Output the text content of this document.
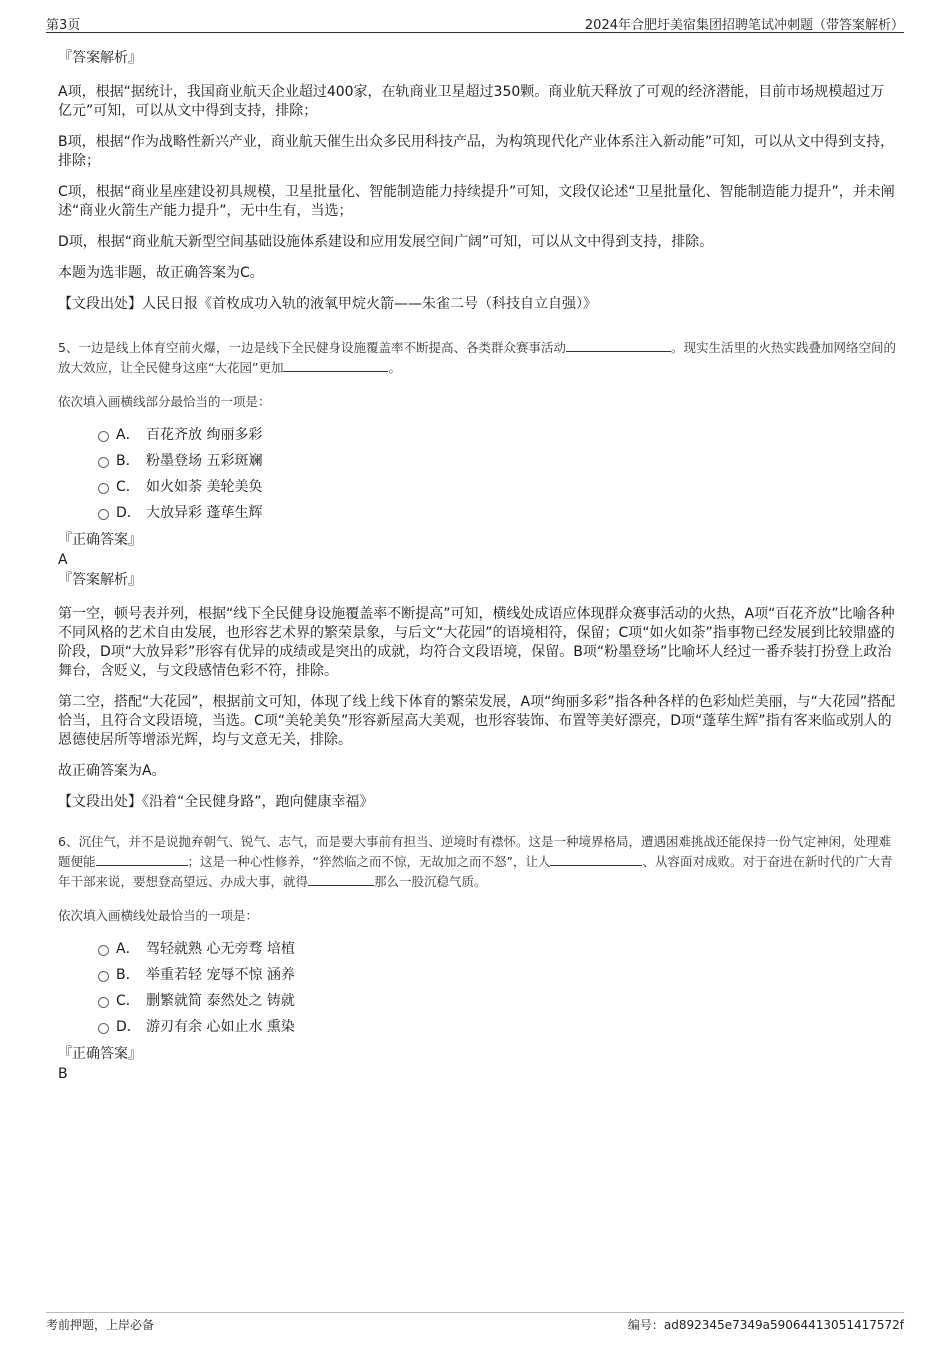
第3页	2024年合肥圩美宿集团招聘笔试冲刺题（带答案解析）

『答案解析』

A项，根据“据统计，我国商业航天企业超过400家，在轨商业卫星超过350颗。商业航天释放了可观的经济潜能，目前市场规模超过万亿元”可知，可以从文中得到支持，排除；

B项，根据“作为战略性新兴产业，商业航天催生出众多民用科技产品，为构筑现代化产业体系注入新动能”可知，可以从文中得到支持，排除；

C项，根据“商业星座建设初具规模，卫星批量化、智能制造能力持续提升”可知，文段仅论述“卫星批量化、智能制造能力提升”，并未阐述“商业火箭生产能力提升”，无中生有，当选；

D项，根据“商业航天新型空间基础设施体系建设和应用发展空间广阔”可知，可以从文中得到支持，排除。

本题为选非题，故正确答案为C。

【文段出处】人民日报《首枚成功入轨的液氧甲烷火箭——朱雀二号（科技自立自强）》

5、一边是线上体育空前火爆，一边是线下全民健身设施覆盖率不断提高、各类群众赛事活动	。现实生活里的火热实践叠加网络空间的放大效应，让全民健身这座“大花园”更加	。

依次填入画横线部分最恰当的一项是：

A． 百花齐放 绚丽多彩
B． 粉墨登场 五彩斑斓
C． 如火如荼 美轮美奂
D． 大放异彩 蓬荜生辉

『正确答案』

A

『答案解析』

第一空，顿号表并列，根据“线下全民健身设施覆盖率不断提高”可知，横线处成语应体现群众赛事活动的火热，A项“百花齐放”比喻各种不同风格的艺术自由发展，也形容艺术界的繁荣景象，与后文“大花园”的语境相符，保留；C项“如火如荼”指事物已经发展到比较鼎盛的阶段，D项“大放异彩”形容有优异的成绩或是突出的成就，均符合文段语境，保留。B项“粉墨登场”比喻坏人经过一番乔装打扮登上政治舞台，含贬义，与文段感情色彩不符，排除。

第二空，搭配“大花园”，根据前文可知，体现了线上线下体育的繁荣发展，A项“绚丽多彩”指各种各样的色彩灿烂美丽，与“大花园”搭配恰当，且符合文段语境，当选。C项“美轮美奂”形容新屋高大美观，也形容装饰、布置等美好漂亮，D项“蓬荜生辉”指有客来临或别人的恩德使居所等增添光辉，均与文意无关，排除。

故正确答案为A。

【文段出处】《沿着“全民健身路”，跑向健康幸福》

6、沉住气，并不是说抛弃朝气、锐气、志气，而是要大事前有担当、逆境时有襟怀。这是一种境界格局，遭遇困难挑战还能保持一份气定神闲，处理难题便能	；这是一种心性修养，“猝然临之而不惊，无故加之而不怒”，让人	、从容面对成败。对于奋进在新时代的广大青年干部来说，要想登高望远、办成大事，就得	那么一股沉稳气质。

依次填入画横线处最恰当的一项是：

A． 驾轻就熟 心无旁骛 培植
B． 举重若轻 宠辱不惊 涵养
C． 删繁就简 泰然处之 铸就
D． 游刃有余 心如止水 熏染

『正确答案』

B

考前押题，上岸必备	编号：ad892345e7349a59064413051417572f
